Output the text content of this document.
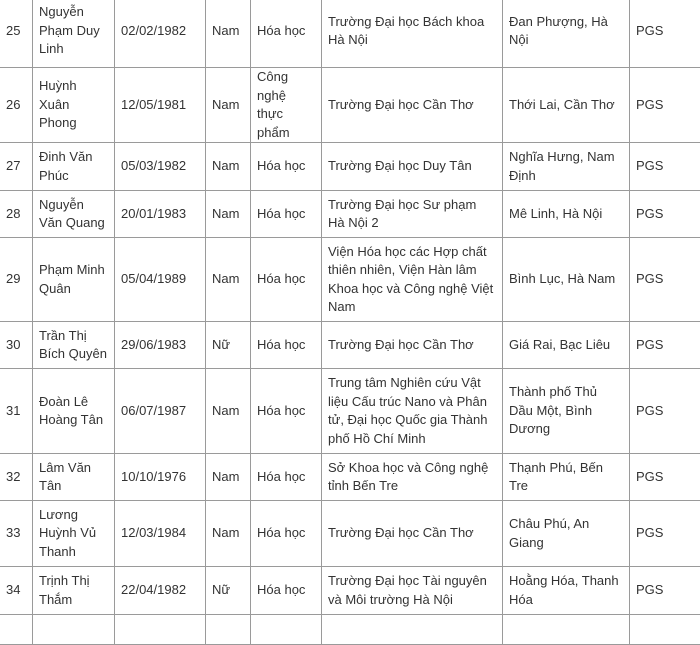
25	Nguyễn Phạm Duy Linh	02/02/1982	Nam	Hóa học	Trường Đại học Bách khoa Hà Nội	Đan Phượng, Hà Nội	PGS
26	Huỳnh Xuân Phong	12/05/1981	Nam	Công nghệ thực phẩm	Trường Đại học Cần Thơ	Thới Lai, Cần Thơ	PGS
27	Đinh Văn Phúc	05/03/1982	Nam	Hóa học	Trường Đại học Duy Tân	Nghĩa Hưng, Nam Định	PGS
28	Nguyễn Văn Quang	20/01/1983	Nam	Hóa học	Trường Đại học Sư phạm Hà Nội 2	Mê Linh, Hà Nội	PGS
29	Phạm Minh Quân	05/04/1989	Nam	Hóa học	Viện Hóa học các Hợp chất thiên nhiên, Viện Hàn lâm Khoa học và Công nghệ Việt Nam	Bình Lục, Hà Nam	PGS
30	Trần Thị Bích Quyên	29/06/1983	Nữ	Hóa học	Trường Đại học Cần Thơ	Giá Rai, Bạc Liêu	PGS
31	Đoàn Lê Hoàng Tân	06/07/1987	Nam	Hóa học	Trung tâm Nghiên cứu Vật liệu Cấu trúc Nano và Phân tử, Đại học Quốc gia Thành phố Hồ Chí Minh	Thành phố Thủ Dầu Một, Bình Dương	PGS
32	Lâm Văn Tân	10/10/1976	Nam	Hóa học	Sở Khoa học và Công nghệ tỉnh Bến Tre	Thạnh Phú, Bến Tre	PGS
33	Lương Huỳnh Vủ Thanh	12/03/1984	Nam	Hóa học	Trường Đại học Cần Thơ	Châu Phú, An Giang	PGS
34	Trịnh Thị Thắm	22/04/1982	Nữ	Hóa học	Trường Đại học Tài nguyên và Môi trường Hà Nội	Hoằng Hóa, Thanh Hóa	PGS
